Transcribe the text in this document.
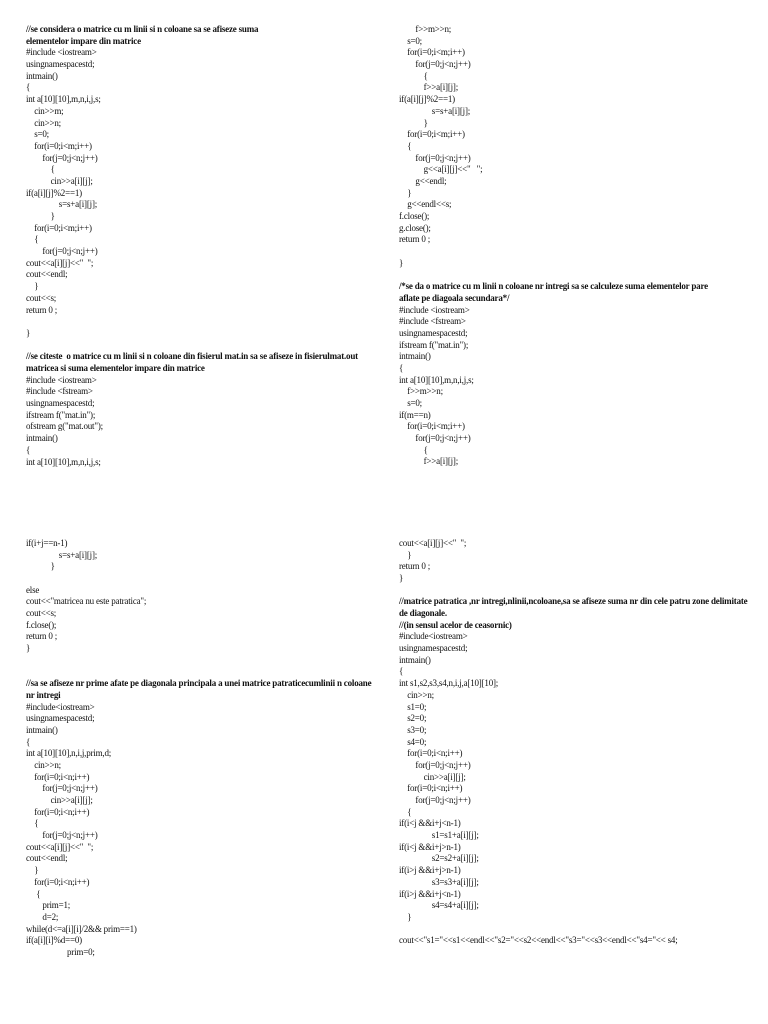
//se considera o matrice cu m linii si n coloane sa se afiseze suma
elementelor impare din matrice
#include <iostream>
usingnamespacestd;
intmain()
{
int a[10][10],m,n,i,j,s;
cin>>m;
cin>>n;
s=0;
for(i=0;i<m;i++)
for(j=0;j<n;j++)
{
cin>>a[i][j];
if(a[i][j]%2==1)
s=s+a[i][j];
}
for(i=0;i<m;i++)
{
for(j=0;j<n;j++)
cout<<a[i][j]<<"  ";
cout<<endl;
}
cout<<s;
return 0 ;
}
//se citeste  o matrice cu m linii si n coloane din fisierul mat.in sa se afiseze in fisierulmat.out matricea si suma elementelor impare din matrice
#include <iostream>
#include <fstream>
usingnamespacestd;
ifstream f("mat.in");
ofstream g("mat.out");
intmain()
{
int a[10][10],m,n,i,j,s;
if(i+j==n-1)
s=s+a[i][j];
}
else
cout<<"matricea nu este patratica";
cout<<s;
f.close();
return 0 ;
}
//sa se afiseze nr prime afate pe diagonala principala a unei matrice patraticecumlinii n coloane nr intregi
#include<iostream>
usingnamespacestd;
intmain()
{
int a[10][10],n,i,j,prim,d;
cin>>n;
for(i=0;i<n;i++)
for(j=0;j<n;j++)
cin>>a[i][j];
for(i=0;i<n;i++)
{
for(j=0;j<n;j++)
cout<<a[i][j]<<"  ";
cout<<endl;
}
for(i=0;i<n;i++)
{
prim=1;
d=2;
while(d<=a[i][i]/2&& prim==1)
if(a[i][i]%d==0)
prim=0;
f>>m>>n;
s=0;
for(i=0;i<m;i++)
for(j=0;j<n;j++)
{
f>>a[i][j];
if(a[i][j]%2==1)
s=s+a[i][j];
}
for(i=0;i<m;i++)
{
for(j=0;j<n;j++)
g<<a[i][j]<<"   ";
g<<endl;
}
g<<endl<<s;
f.close();
g.close();
return 0 ;
}
/*se da o matrice cu m linii n coloane nr intregi sa se calculeze suma elementelor pare
aflate pe diagoala secundara*/
#include <iostream>
#include <fstream>
usingnamespacestd;
ifstream f("mat.in");
intmain()
{
int a[10][10],m,n,i,j,s;
f>>m>>n;
s=0;
if(m==n)
for(i=0;i<m;i++)
for(j=0;j<n;j++)
{
f>>a[i][j];
cout<<a[i][j]<<"  ";
}
return 0 ;
}
//matrice patratica ,nr intregi,nlinii,ncoloane,sa se afiseze suma nr din cele patru zone delimitate de diagonale.
//(in sensul acelor de ceasornic)
#include<iostream>
usingnamespacestd;
intmain()
{
int s1,s2,s3,s4,n,i,j,a[10][10];
cin>>n;
s1=0;
s2=0;
s3=0;
s4=0;
for(i=0;i<n;i++)
for(j=0;j<n;j++)
cin>>a[i][j];
for(i=0;i<n;i++)
for(j=0;j<n;j++)
{
if(i<j &&i+j<n-1)
s1=s1+a[i][j];
if(i<j &&i+j>n-1)
s2=s2+a[i][j];
if(i>j &&i+j>n-1)
s3=s3+a[i][j];
if(i>j &&i+j<n-1)
s4=s4+a[i][j];
}
cout<<"s1="<<s1<<endl<<"s2="<<s2<<endl<<"s3="<<s3<<endl<<"s4="<< s4;
